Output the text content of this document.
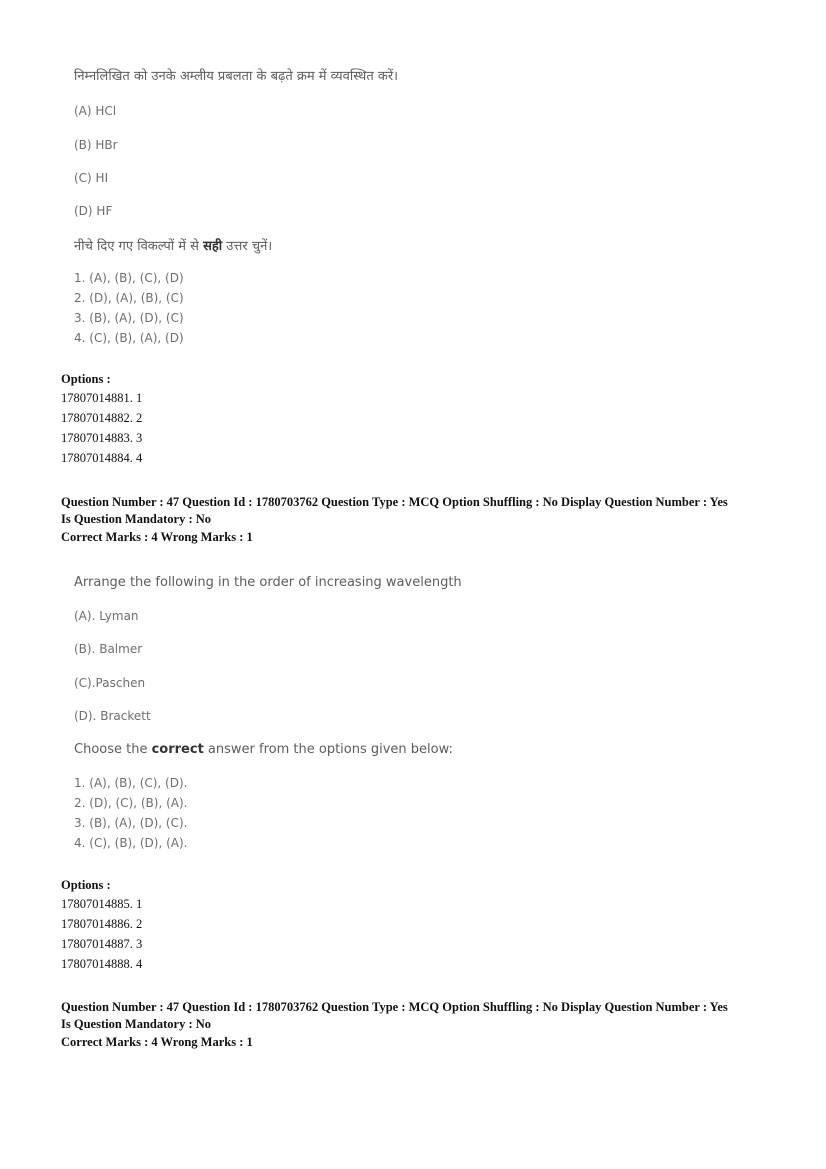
निम्नलिखित को उनके अम्लीय प्रबलता के बढ़ते क्रम में व्यवस्थित करें।
(A) HCl
(B) HBr
(C) HI
(D) HF
नीचे दिए गए विकल्पों में से सही उत्तर चुनें।
1. (A), (B), (C), (D)
2. (D), (A), (B), (C)
3. (B), (A), (D), (C)
4. (C), (B), (A), (D)
Options :
17807014881. 1
17807014882. 2
17807014883. 3
17807014884. 4
Question Number : 47 Question Id : 1780703762 Question Type : MCQ Option Shuffling : No Display Question Number : Yes
Is Question Mandatory : No
Correct Marks : 4 Wrong Marks : 1
Arrange the following in the order of increasing wavelength
(A). Lyman
(B). Balmer
(C).Paschen
(D). Brackett
Choose the correct answer from the options given below:
1. (A), (B), (C), (D).
2. (D), (C), (B), (A).
3. (B), (A), (D), (C).
4. (C), (B), (D), (A).
Options :
17807014885. 1
17807014886. 2
17807014887. 3
17807014888. 4
Question Number : 47 Question Id : 1780703762 Question Type : MCQ Option Shuffling : No Display Question Number : Yes
Is Question Mandatory : No
Correct Marks : 4 Wrong Marks : 1
